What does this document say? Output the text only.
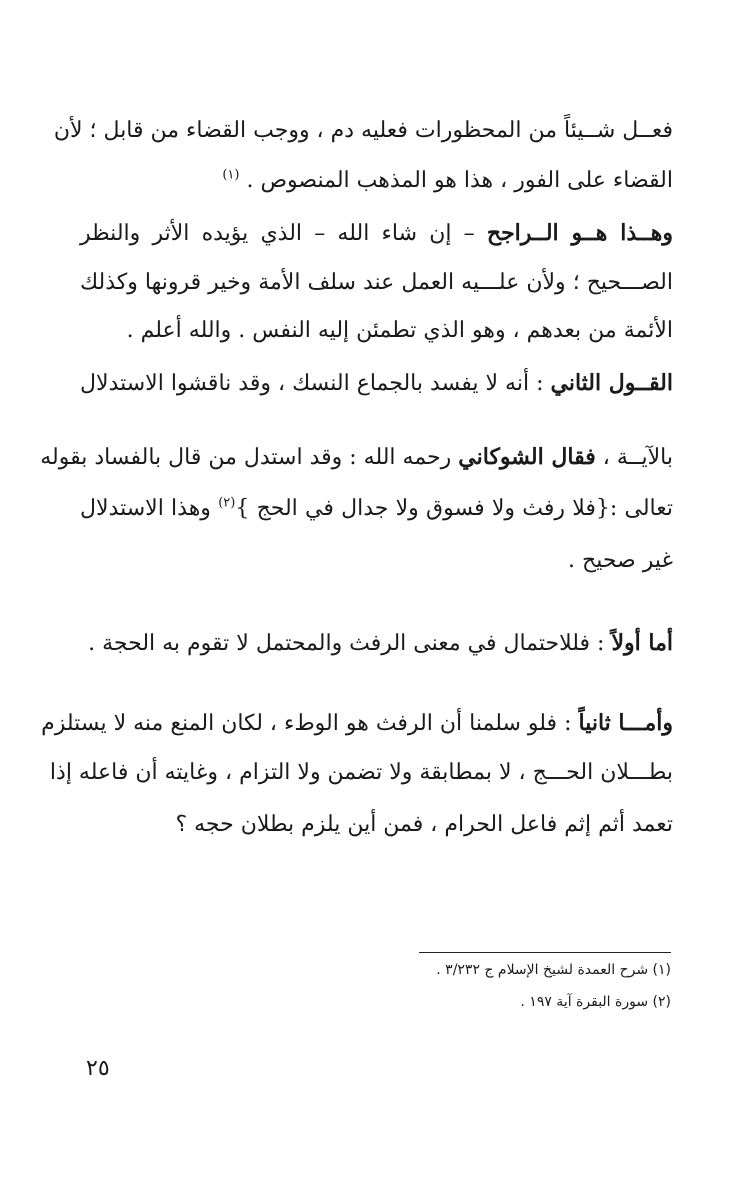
فعــل شــيئاً من المحظورات فعليه دم ، ووجب القضاء من قابل ؛ لأن
القضاء على الفور ، هذا هو المذهب المنصوص . $^{(١)}$
وهــذا هــو الــراجح – إن شاء الله – الذي يؤيده الأثر والنظر
الصـــحيح ؛ ولأن علـــيه العمل عند سلف الأمة وخير قرونها وكذلك
الأئمة من بعدهم ، وهو الذي تطمئن إليه النفس . والله أعلم .
القــول الثاني : أنه لا يفسد بالجماع النسك ، وقد ناقشوا الاستدلال
بالآيــة ، فقال الشوكاني رحمه الله : وقد استدل من قال بالفساد بقوله
تعالى :{فلا رفث ولا فسوق ولا جدال في الحج }$^{(٢)}$ وهذا الاستدلال
غير صحيح .
أما أولاً : فللاحتمال في معنى الرفث والمحتمل لا تقوم به الحجة .
وأمـــا ثانياً : فلو سلمنا أن الرفث هو الوطء ، لكان المنع منه لا يستلزم
بطـــلان الحـــج ، لا بمطابقة ولا تضمن ولا التزام ، وغايته أن فاعله إذا
تعمد أثم إثم فاعل الحرام ، فمن أين يلزم بطلان حجه ؟
(١) شرح العمدة لشيخ الإسلام ج ٣/٢٣٢ .
(٢) سورة البقرة آية ١٩٧ .
٢٥
